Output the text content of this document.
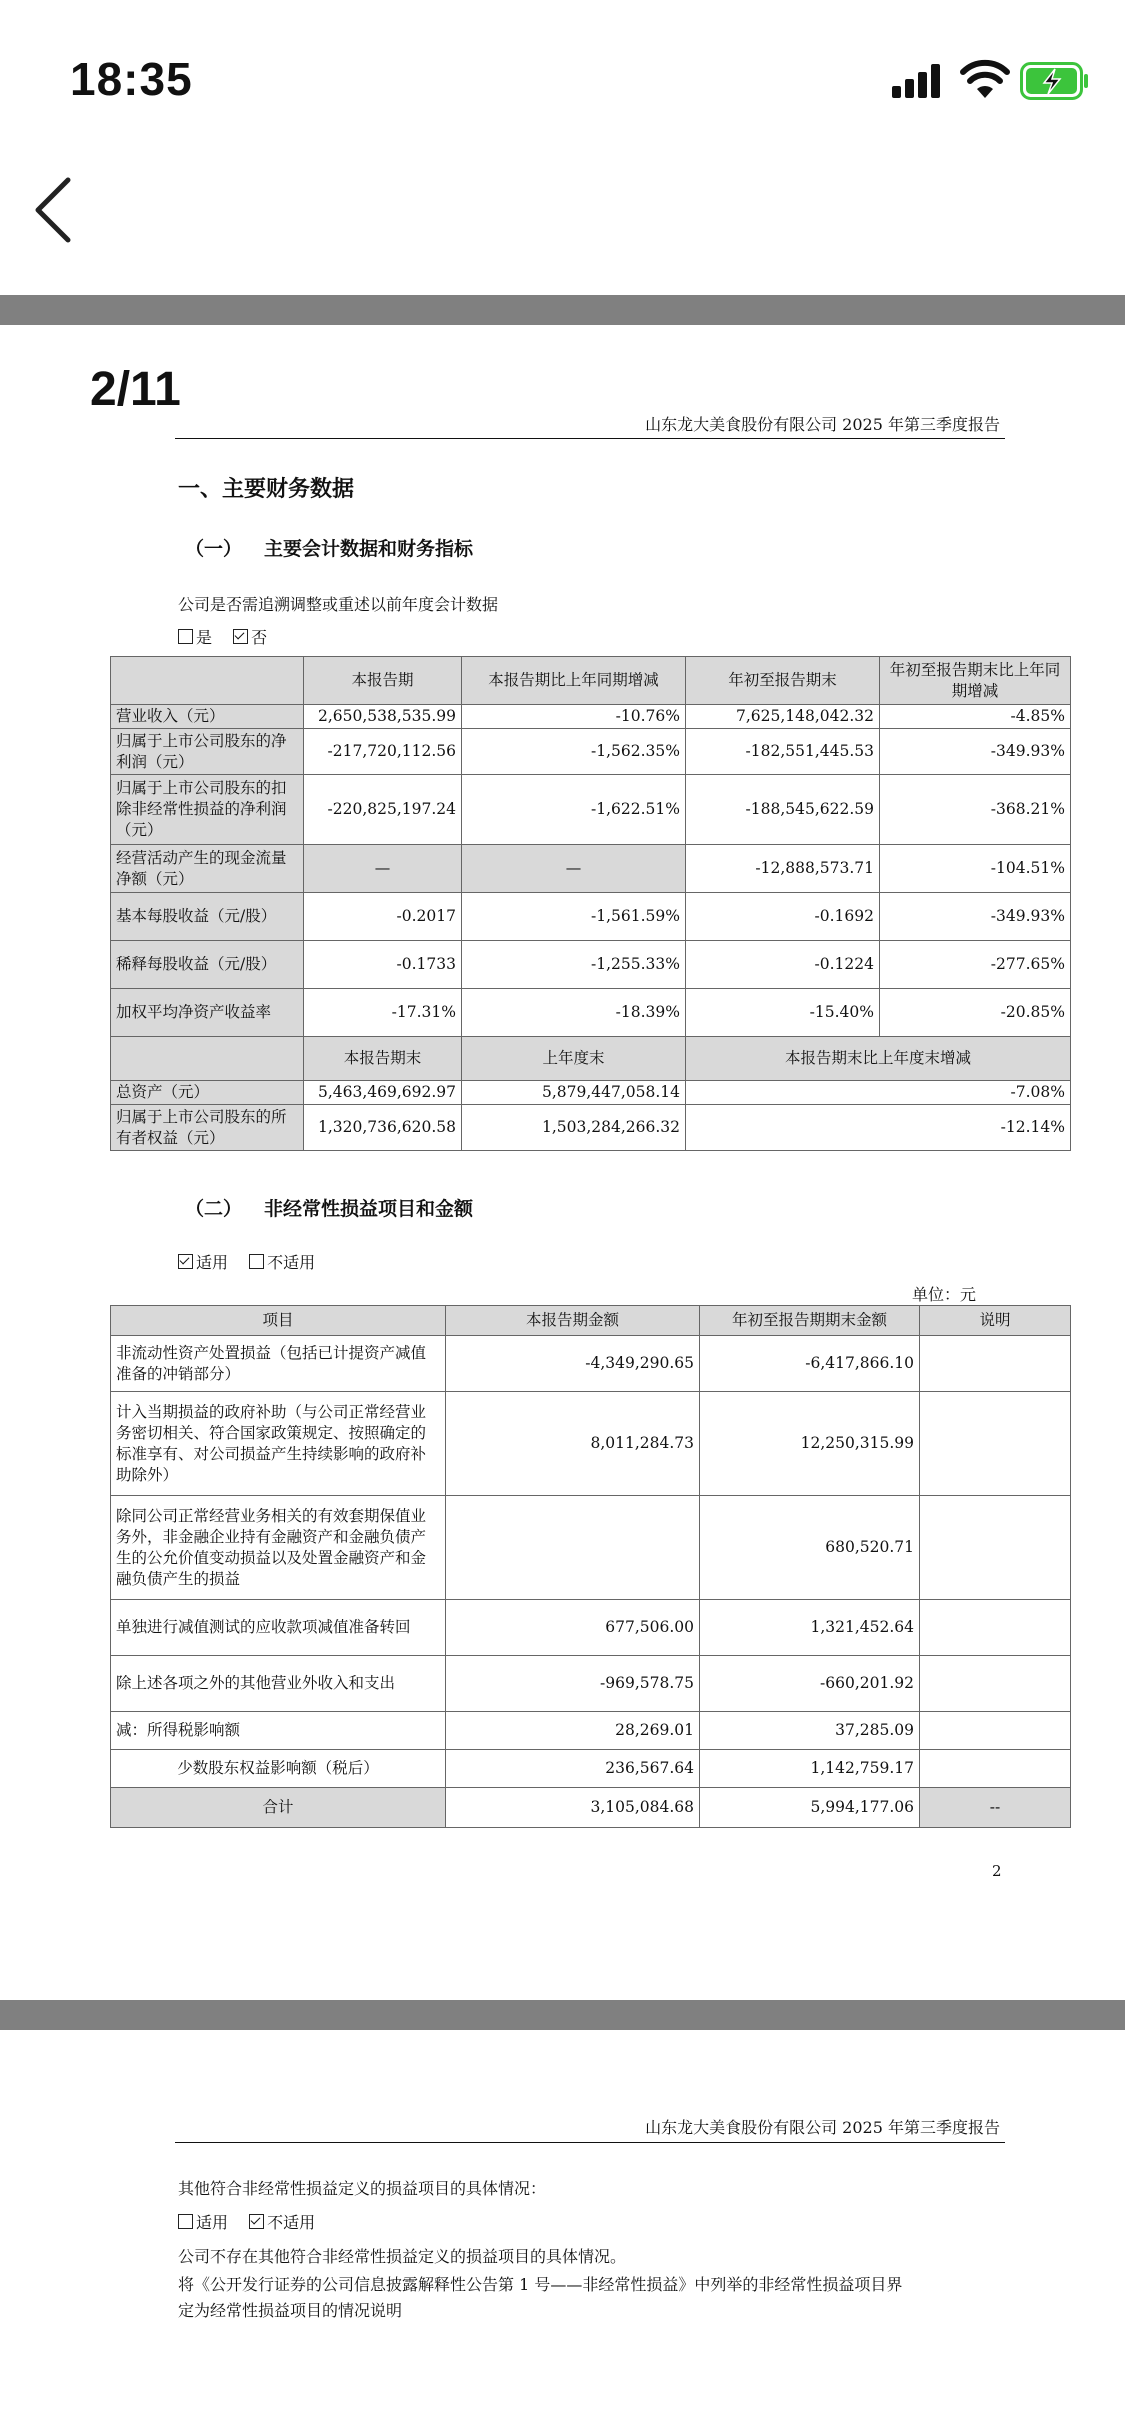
18:35
2/11
山东龙大美食股份有限公司 2025 年第三季度报告
一、主要财务数据
（一） 主要会计数据和财务指标
公司是否需追溯调整或重述以前年度会计数据
是 否
	本报告期	本报告期比上年同期增减	年初至报告期末	年初至报告期末比上年同期增减
营业收入（元）	2,650,538,535.99	-10.76%	7,625,148,042.32	-4.85%
归属于上市公司股东的净利润（元）	-217,720,112.56	-1,562.35%	-182,551,445.53	-349.93%
归属于上市公司股东的扣除非经常性损益的净利润（元）	-220,825,197.24	-1,622.51%	-188,545,622.59	-368.21%
经营活动产生的现金流量净额（元）	—	—	-12,888,573.71	-104.51%
基本每股收益（元/股）	-0.2017	-1,561.59%	-0.1692	-349.93%
稀释每股收益（元/股）	-0.1733	-1,255.33%	-0.1224	-277.65%
加权平均净资产收益率	-17.31%	-18.39%	-15.40%	-20.85%
	本报告期末	上年度末	本报告期末比上年度末增减	
总资产（元）	5,463,469,692.97	5,879,447,058.14	-7.08%	
归属于上市公司股东的所有者权益（元）	1,320,736,620.58	1,503,284,266.32	-12.14%	
（二） 非经常性损益项目和金额
适用 不适用
单位：元
项目	本报告期金额	年初至报告期期末金额	说明
非流动性资产处置损益（包括已计提资产减值准备的冲销部分）	-4,349,290.65	-6,417,866.10	
计入当期损益的政府补助（与公司正常经营业务密切相关、符合国家政策规定、按照确定的标准享有、对公司损益产生持续影响的政府补助除外）	8,011,284.73	12,250,315.99	
除同公司正常经营业务相关的有效套期保值业务外，非金融企业持有金融资产和金融负债产生的公允价值变动损益以及处置金融资产和金融负债产生的损益		680,520.71	
单独进行减值测试的应收款项减值准备转回	677,506.00	1,321,452.64	
除上述各项之外的其他营业外收入和支出	-969,578.75	-660,201.92	
减：所得税影响额	28,269.01	37,285.09	
少数股东权益影响额（税后）	236,567.64	1,142,759.17	
合计	3,105,084.68	5,994,177.06	--
2
山东龙大美食股份有限公司 2025 年第三季度报告
其他符合非经常性损益定义的损益项目的具体情况：
适用 不适用
公司不存在其他符合非经常性损益定义的损益项目的具体情况。
将《公开发行证券的公司信息披露解释性公告第 1 号——非经常性损益》中列举的非经常性损益项目界
定为经常性损益项目的情况说明
